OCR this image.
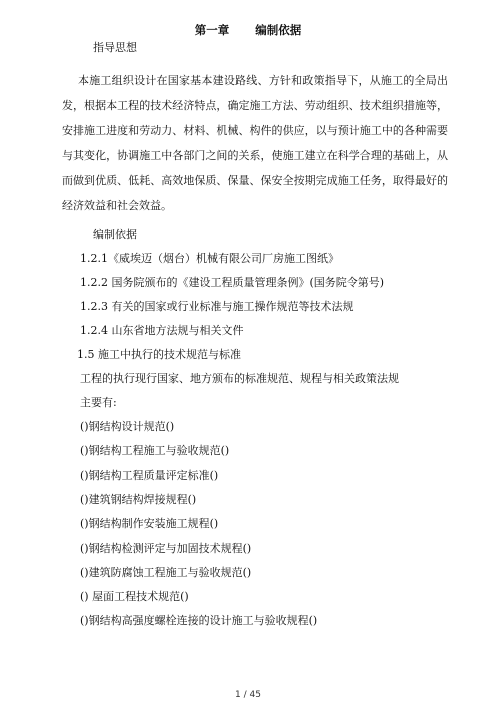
第一章 编制依据
指导思想
本施工组织设计在国家基本建设路线、方针和政策指导下，从施工的全局出发，根据本工程的技术经济特点，确定施工方法、劳动组织、技术组织措施等，安排施工进度和劳动力、材料、机械、构件的供应，以与预计施工中的各种需要与其变化，协调施工中各部门之间的关系，使施工建立在科学合理的基础上，从而做到优质、低耗、高效地保质、保量、保安全按期完成施工任务，取得最好的经济效益和社会效益。
编制依据
1.2.1《威埃迈（烟台）机械有限公司厂房施工图纸》
1.2.2 国务院颁布的《建设工程质量管理条例》(国务院令第号)
1.2.3 有关的国家或行业标准与施工操作规范等技术法规
1.2.4 山东省地方法规与相关文件
1.5 施工中执行的技术规范与标准
工程的执行现行国家、地方颁布的标准规范、规程与相关政策法规
主要有:
()钢结构设计规范()
()钢结构工程施工与验收规范()
()钢结构工程质量评定标准()
()建筑钢结构焊接规程()
()钢结构制作安装施工规程()
()钢结构检测评定与加固技术规程()
()建筑防腐蚀工程施工与验收规范()
() 屋面工程技术规范()
()钢结构高强度螺栓连接的设计施工与验收规程()
1 / 45
